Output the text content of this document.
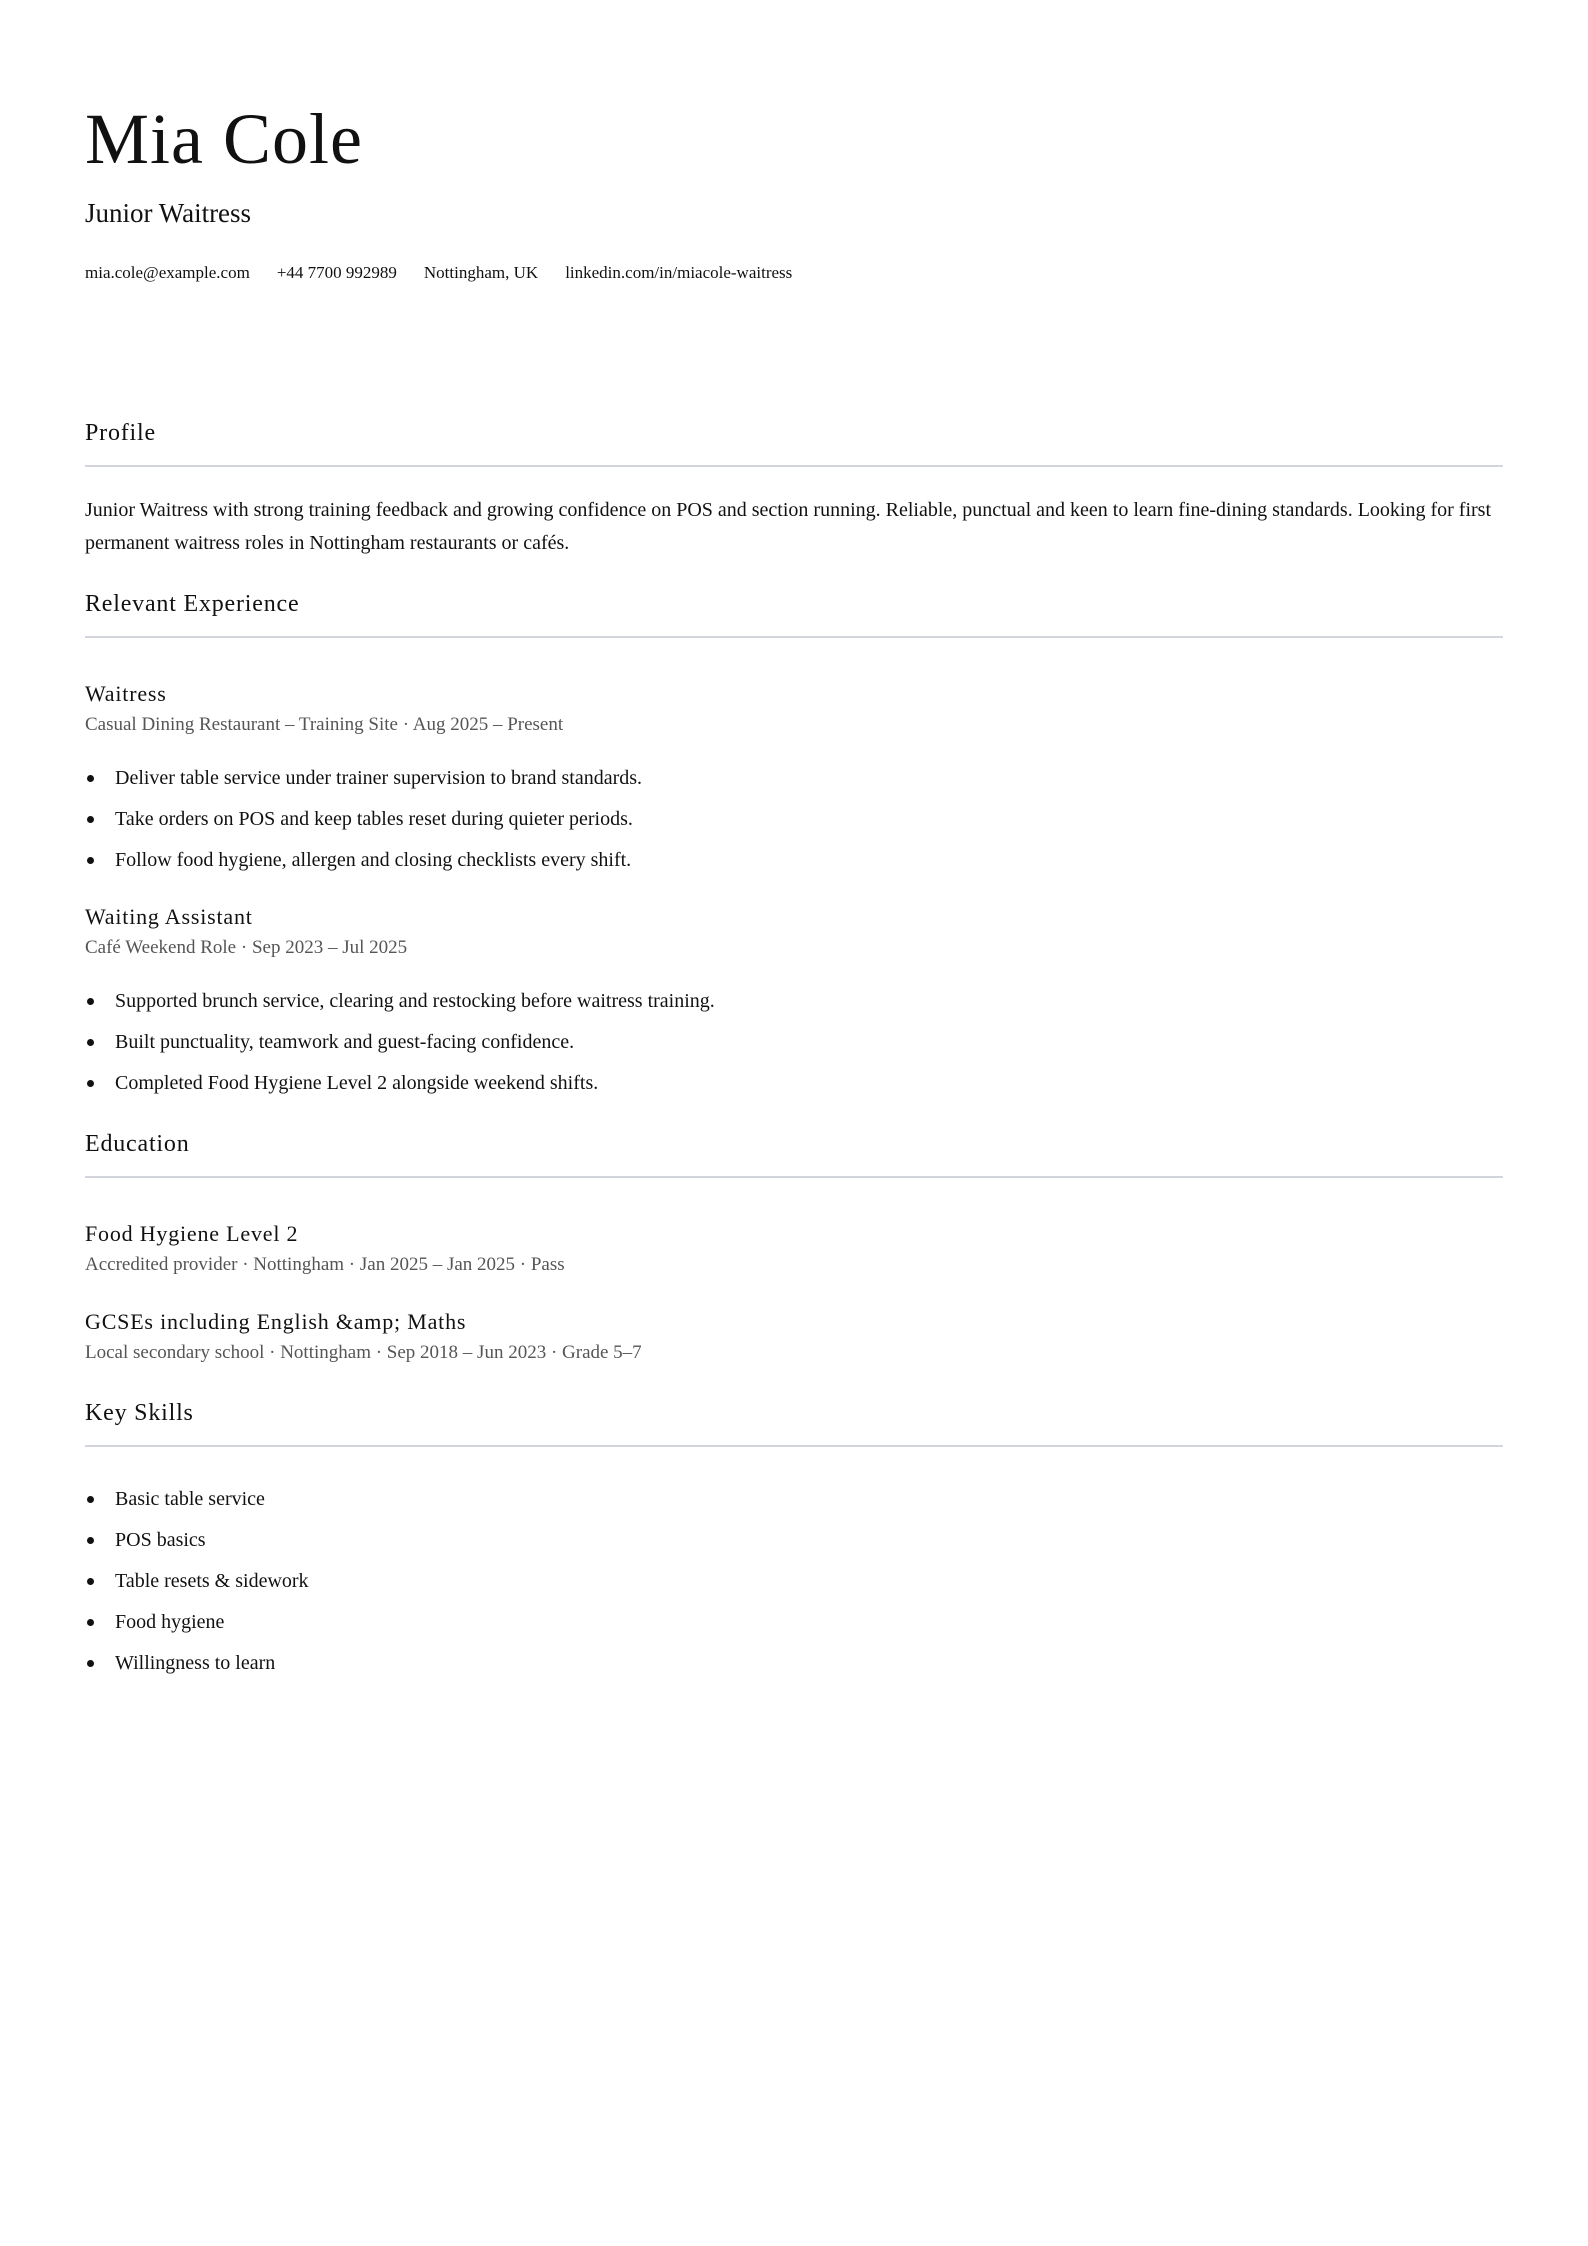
Mia Cole

Junior Waitress

mia.cole@example.com +44 7700 992989 Nottingham, UK linkedin.com/in/miacole-waitress
Profile

Junior Waitress with strong training feedback and growing confidence on POS and section running. Reliable, punctual and keen to learn fine-dining standards. Looking for first permanent waitress roles in Nottingham restaurants or cafés.

Relevant Experience
Waitress
Casual Dining Restaurant – Training Site · Aug 2025 – Present
Deliver table service under trainer supervision to brand standards.
Take orders on POS and keep tables reset during quieter periods.
Follow food hygiene, allergen and closing checklists every shift.
Waiting Assistant
Café Weekend Role · Sep 2023 – Jul 2025
Supported brunch service, clearing and restocking before waitress training.
Built punctuality, teamwork and guest-facing confidence.
Completed Food Hygiene Level 2 alongside weekend shifts.
Education
Food Hygiene Level 2
Accredited provider · Nottingham · Jan 2025 – Jan 2025 · Pass
GCSEs including English &amp; Maths
Local secondary school · Nottingham · Sep 2018 – Jun 2023 · Grade 5–7
Key Skills
Basic table service
POS basics
Table resets & sidework
Food hygiene
Willingness to learn
